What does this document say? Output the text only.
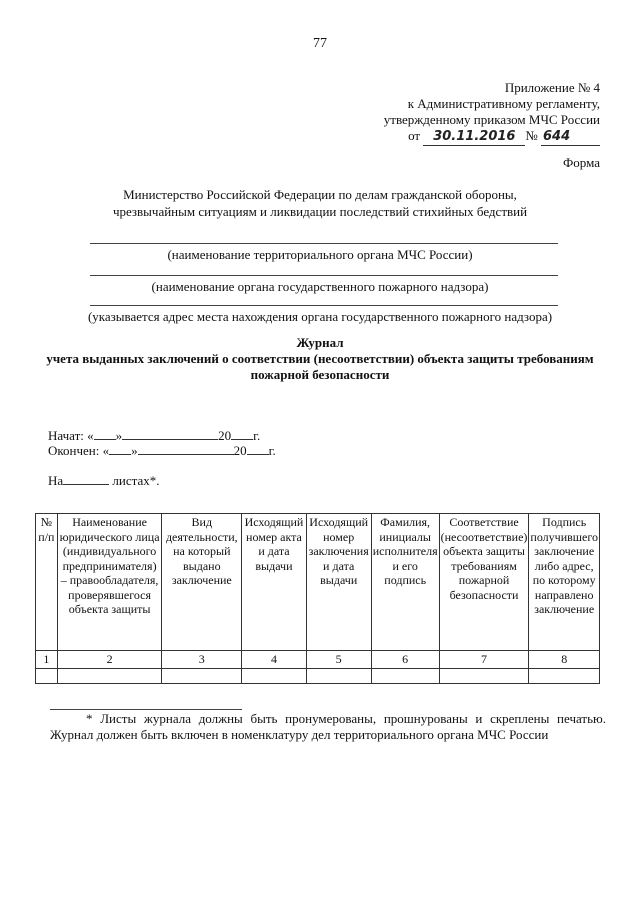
77
Приложение № 4
к Административному регламенту,
утвержденному приказом МЧС России
от 30.11.2016 № 644
Форма
Министерство Российской Федерации по делам гражданской обороны,
чрезвычайным ситуациям и ликвидации последствий стихийных бедствий
(наименование территориального органа МЧС России)
(наименование органа государственного пожарного надзора)
(указывается адрес места нахождения органа государственного пожарного надзора)
Журнал
учета выданных заключений о соответствии (несоответствии) объекта защиты требованиям
пожарной безопасности
Начат: « »	20 г.
Окончен: « »	20 г.
На	листах*.
№ п/п	Наименование юридического лица (индивидуального предпринимателя) – правообладателя, проверявшегося объекта защиты	Вид деятельности, на который выдано заключение	Исходящий номер акта и дата выдачи	Исходящий номер заключения и дата выдачи	Фамилия, инициалы исполнителя и его подпись	Соответствие (несоответствие) объекта защиты требованиям пожарной безопасности	Подпись получившего заключение либо адрес, по которому направлено заключение
1	2	3	4	5	6	7	8

* Листы журнала должны быть пронумерованы, прошнурованы и скреплены печатью.
Журнал должен быть включен в номенклатуру дел территориального органа МЧС России
